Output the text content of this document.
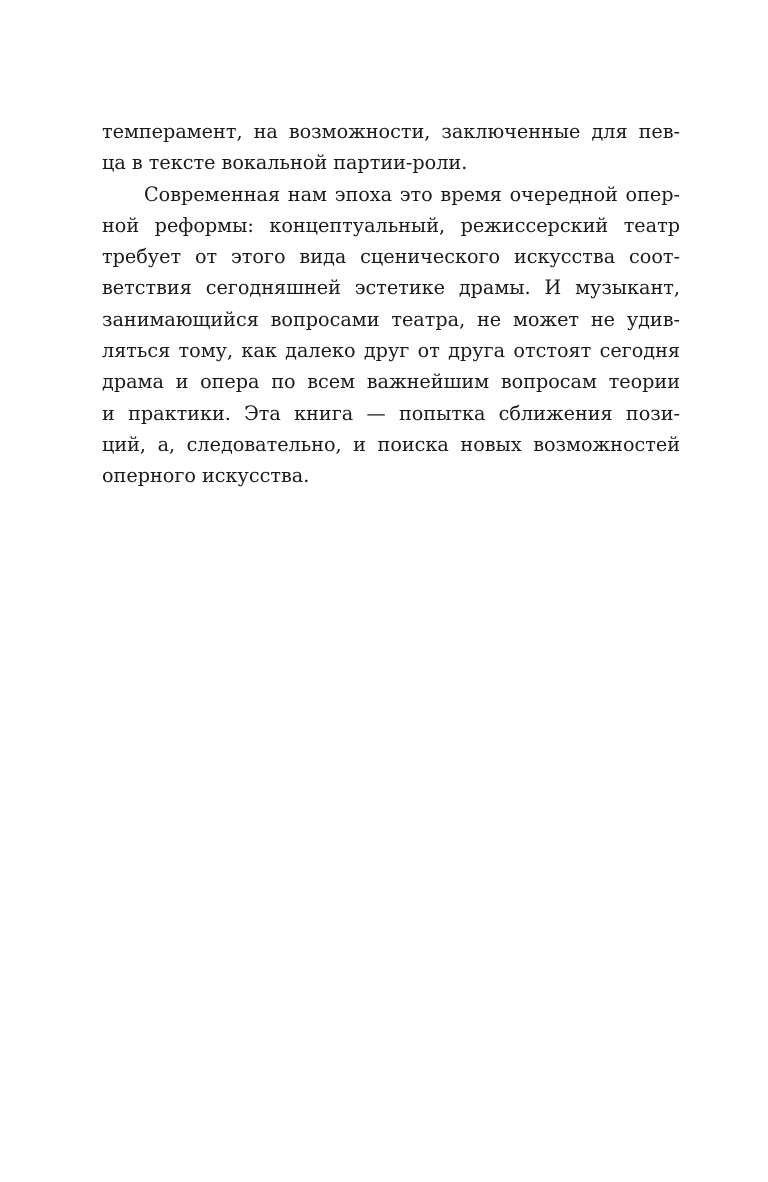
темперамент, на возможности, заключенные для пев-
ца в тексте вокальной партии-роли.
Современная нам эпоха это время очередной опер-
ной реформы: концептуальный, режиссерский театр
требует от этого вида сценического искусства соот-
ветствия сегодняшней эстетике драмы. И музыкант,
занимающийся вопросами театра, не может не удив-
ляться тому, как далеко друг от друга отстоят сегодня
драма и опера по всем важнейшим вопросам теории
и практики. Эта книга — попытка сближения пози-
ций, а, следовательно, и поиска новых возможностей
оперного искусства.
